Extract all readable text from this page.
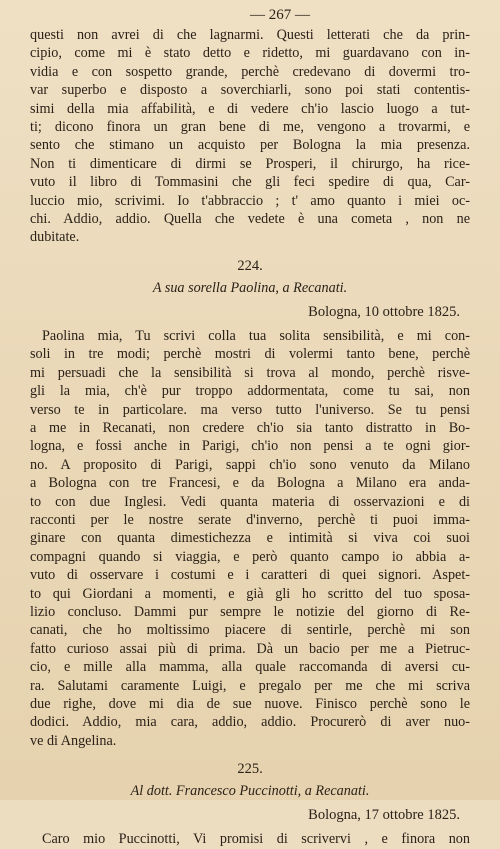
— 267 —
questi non avrei di che lagnarmi. Questi letterati che da prin-
cipio, come mi è stato detto e ridetto, mi guardavano con in-
vidia e con sospetto grande, perchè credevano di dovermi tro-
var superbo e disposto a soverchiarli, sono poi stati contentis-
simi della mia affabilità, e di vedere ch'io lascio luogo a tut-
ti; dicono finora un gran bene di me, vengono a trovarmi, e
sento che stimano un acquisto per Bologna la mia presenza.
Non ti dimenticare di dirmi se Prosperi, il chirurgo, ha rice-
vuto il libro di Tommasini che gli feci spedire di qua, Car-
luccio mio, scrivimi. Io t'abbraccio ; t' amo quanto i miei oc-
chi. Addio, addio. Quella che vedete è una cometa , non ne
dubitate.
224.
A sua sorella Paolina, a Recanati.
Bologna, 10 ottobre 1825.
Paolina mia, Tu scrivi colla tua solita sensibilità, e mi con-
soli in tre modi; perchè mostri di volermi tanto bene, perchè
mi persuadi che la sensibilità si trova al mondo, perchè risve-
gli la mia, ch'è pur troppo addormentata, come tu sai, non
verso te in particolare. ma verso tutto l'universo. Se tu pensi
a me in Recanati, non credere ch'io sia tanto distratto in Bo-
logna, e fossi anche in Parigi, ch'io non pensi a te ogni gior-
no. A proposito di Parigi, sappi ch'io sono venuto da Milano
a Bologna con tre Francesi, e da Bologna a Milano era anda-
to con due Inglesi. Vedi quanta materia di osservazioni e di
racconti per le nostre serate d'inverno, perchè ti puoi imma-
ginare con quanta dimestichezza e intimità si viva coi suoi
compagni quando si viaggia, e però quanto campo io abbia a-
vuto di osservare i costumi e i caratteri di quei signori. Aspet-
to qui Giordani a momenti, e già gli ho scritto del tuo sposa-
lizio concluso. Dammi pur sempre le notizie del giorno di Re-
canati, che ho moltissimo piacere di sentirle, perchè mi son
fatto curioso assai più di prima. Dà un bacio per me a Pietruc-
cio, e mille alla mamma, alla quale raccomanda di aversi cu-
ra. Salutami caramente Luigi, e pregalo per me che mi scriva
due righe, dove mi dia de sue nuove. Finisco perchè sono le
dodici. Addio, mia cara, addio, addio. Procurerò di aver nuo-
ve di Angelina.
225.
Al dott. Francesco Puccinotti, a Recanati.
Bologna, 17 ottobre 1825.
Caro mio Puccinotti, Vi promisi di scrivervi , e finora non
